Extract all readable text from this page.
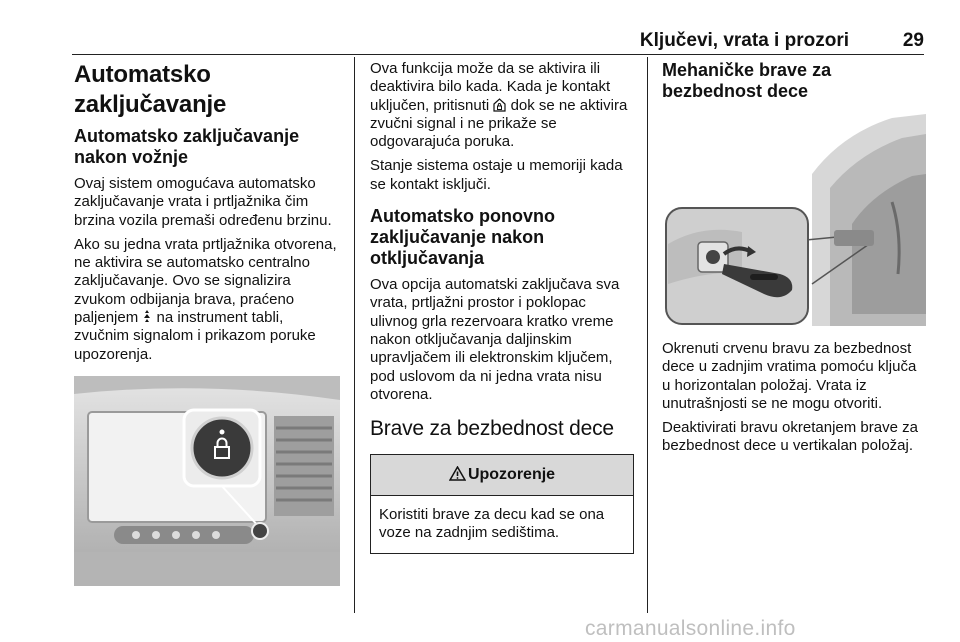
Ključevi, vrata i prozori	29
Automatsko zaključavanje
Automatsko zaključavanje nakon vožnje

Ovaj sistem omogućava automatsko zaključavanje vrata i prtljažnika čim brzina vozila premaši određenu brzinu.

Ako su jedna vrata prtljažnika otvorena, ne aktivira se automatsko centralno zaključavanje. Ovo se signalizira zvukom odbijanja brava, praćeno paljenjem  na instrument tabli, zvučnim signalom i prikazom poruke upozorenja.

Ova funkcija može da se aktivira ili deaktivira bilo kada. Kada je kontakt uključen, pritisnuti  dok se ne aktivira zvučni signal i ne prikaže se odgovarajuća poruka.

Stanje sistema ostaje u memoriji kada se kontakt isključi.

Automatsko ponovno zaključavanje nakon otključavanja

Ova opcija automatski zaključava sva vrata, prtljažni prostor i poklopac ulivnog grla rezervoara kratko vreme nakon otključavanja daljinskim upravljačem ili elektronskim ključem, pod uslovom da ni jedna vrata nisu otvorena.

Brave za bezbednost dece
Upozorenje

Koristiti brave za decu kad se ona voze na zadnjim sedištima.

Mehaničke brave za bezbednost dece

Okrenuti crvenu bravu za bezbednost dece u zadnjim vratima pomoću ključa u horizontalan položaj. Vrata iz unutrašnjosti se ne mogu otvoriti.

Deaktivirati bravu okretanjem brave za bezbednost dece u vertikalan položaj.

carmanualsonline.info
